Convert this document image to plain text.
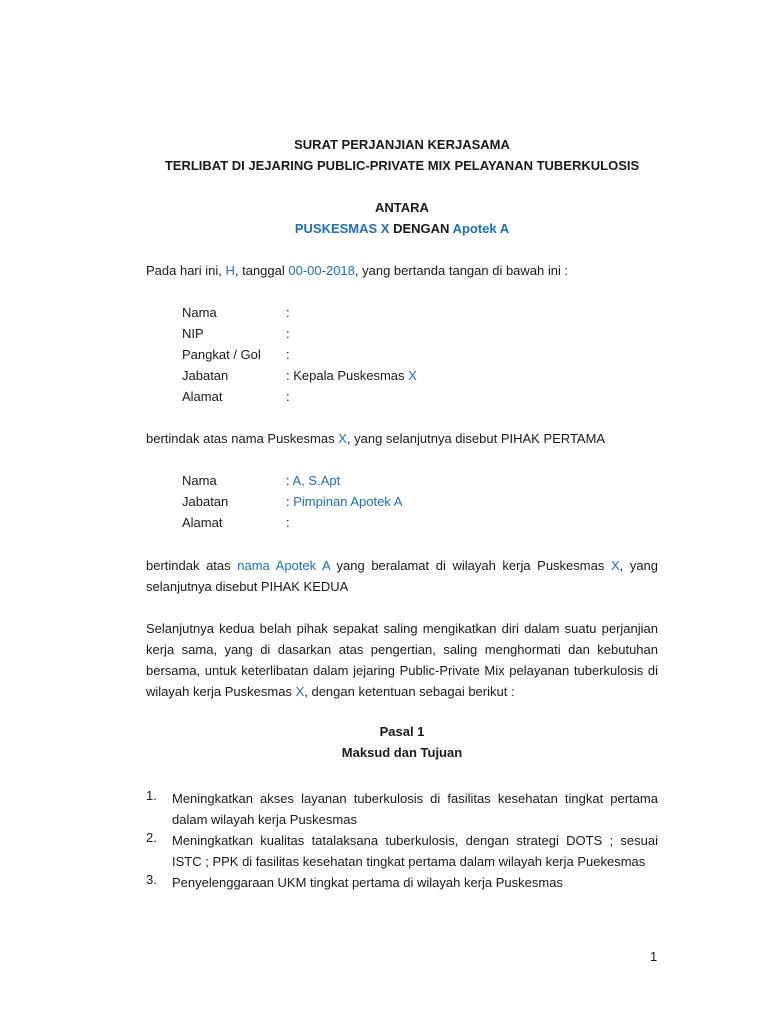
SURAT PERJANJIAN KERJASAMA
TERLIBAT DI JEJARING PUBLIC-PRIVATE MIX PELAYANAN TUBERKULOSIS
ANTARA
PUSKESMAS X DENGAN Apotek A
Pada hari ini, H, tanggal 00-00-2018, yang bertanda tangan di bawah ini :
Nama	:
NIP	:
Pangkat / Gol :
Jabatan	: Kepala Puskesmas X
Alamat	:
bertindak atas nama Puskesmas X, yang selanjutnya disebut PIHAK PERTAMA
Nama	: A, S.Apt
Jabatan	: Pimpinan Apotek A
Alamat	:
bertindak atas nama Apotek A yang beralamat di wilayah kerja Puskesmas X, yang selanjutnya disebut PIHAK KEDUA
Selanjutnya kedua belah pihak sepakat saling mengikatkan diri dalam suatu perjanjian kerja sama, yang di dasarkan atas pengertian, saling menghormati dan kebutuhan bersama, untuk keterlibatan dalam jejaring Public-Private Mix pelayanan tuberkulosis di wilayah kerja Puskesmas X, dengan ketentuan sebagai berikut :
Pasal 1
Maksud dan Tujuan
1. Meningkatkan akses layanan tuberkulosis di fasilitas kesehatan tingkat pertama dalam wilayah kerja Puskesmas
2. Meningkatkan kualitas tatalaksana tuberkulosis, dengan strategi DOTS ; sesuai ISTC ; PPK di fasilitas kesehatan tingkat pertama dalam wilayah kerja Puekesmas
3. Penyelenggaraan UKM tingkat pertama di wilayah kerja Puskesmas
1
